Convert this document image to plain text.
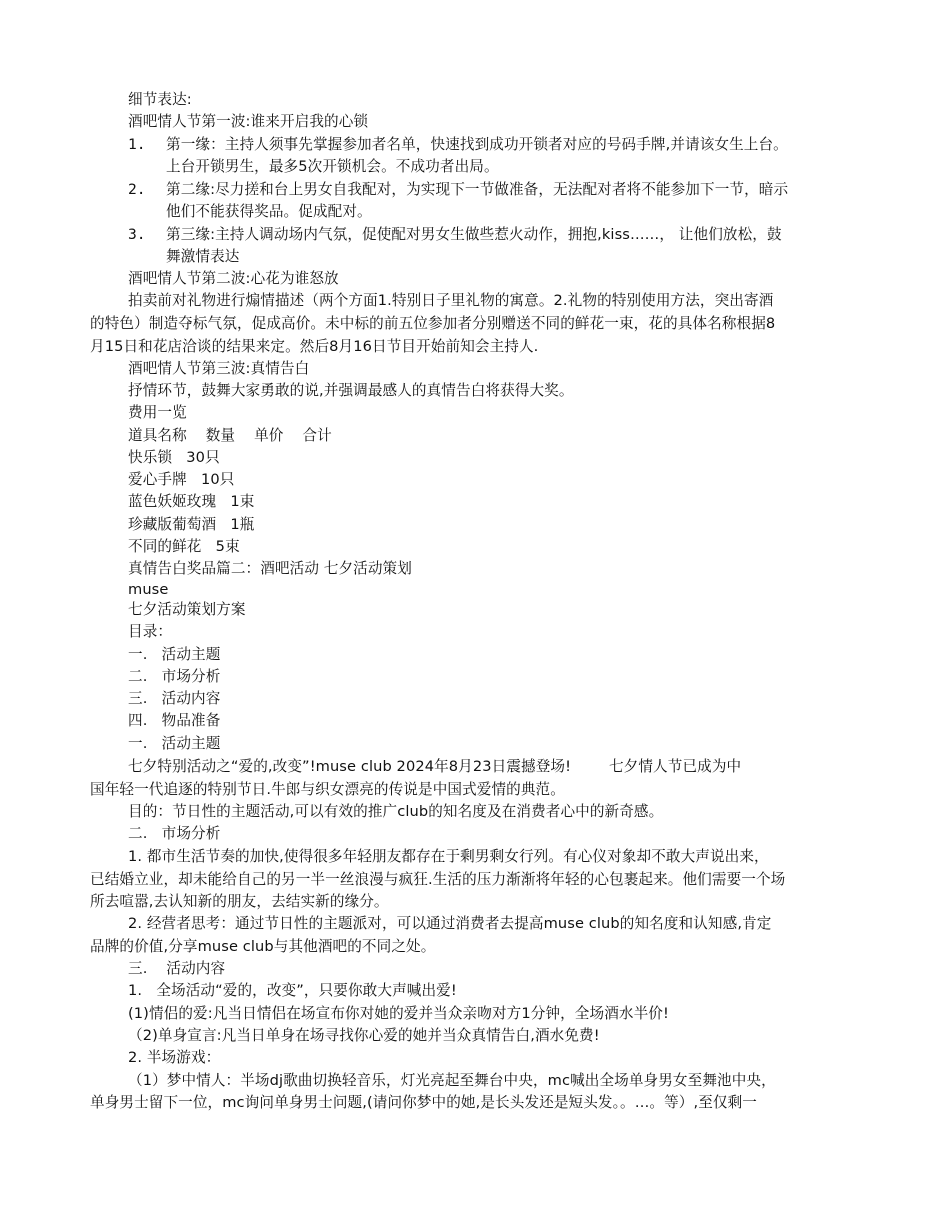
细节表达:
酒吧情人节第一波:谁来开启我的心锁
1. 第一缘：主持人须事先掌握参加者名单，快速找到成功开锁者对应的号码手牌,并请该女生上台。
上台开锁男生，最多5次开锁机会。不成功者出局。
2. 第二缘:尽力搓和台上男女自我配对，为实现下一节做准备，无法配对者将不能参加下一节，暗示
他们不能获得奖品。促成配对。
3. 第三缘:主持人调动场内气氛，促使配对男女生做些惹火动作，拥抱,kiss……， 让他们放松，鼓
舞激情表达
酒吧情人节第二波:心花为谁怒放
拍卖前对礼物进行煽情描述（两个方面1.特别日子里礼物的寓意。2.礼物的特别使用方法，突出寄酒
的特色）制造夺标气氛，促成高价。未中标的前五位参加者分别赠送不同的鲜花一束，花的具体名称根据8
月15日和花店洽谈的结果来定。然后8月16日节目开始前知会主持人.
酒吧情人节第三波:真情告白
抒情环节，鼓舞大家勇敢的说,并强调最感人的真情告白将获得大奖。
费用一览
道具名称    数量    单价    合计
快乐锁   30只
爱心手牌   10只
蓝色妖姬玫瑰   1束
珍藏版葡萄酒   1瓶
不同的鲜花   5束
真情告白奖品篇二：酒吧活动 七夕活动策划
muse
七夕活动策划方案
目录：
一.   活动主题
二.   市场分析
三.   活动内容
四.   物品准备
一.   活动主题
七夕特别活动之“爱的,改变”!muse club 2024年8月23日震撼登场!        七夕情人节已成为中
国年轻一代追逐的特别节日.牛郎与织女漂亮的传说是中国式爱情的典范。
目的：节日性的主题活动,可以有效的推广club的知名度及在消费者心中的新奇感。
二.   市场分析
1. 都市生活节奏的加快,使得很多年轻朋友都存在于剩男剩女行列。有心仪对象却不敢大声说出来，
已结婚立业，却未能给自己的另一半一丝浪漫与疯狂.生活的压力渐渐将年轻的心包裹起来。他们需要一个场
所去喧嚣,去认知新的朋友，去结实新的缘分。
2. 经营者思考：通过节日性的主题派对，可以通过消费者去提高muse club的知名度和认知感,肯定
品牌的价值,分享muse club与其他酒吧的不同之处。
三.    活动内容
1.   全场活动“爱的，改变”，只要你敢大声喊出爱!
(1)情侣的爱:凡当日情侣在场宣布你对她的爱并当众亲吻对方1分钟，全场酒水半价!
（2)单身宣言:凡当日单身在场寻找你心爱的她并当众真情告白,酒水免费!
2. 半场游戏：
（1）梦中情人：半场dj歌曲切换轻音乐，灯光亮起至舞台中央，mc喊出全场单身男女至舞池中央，
单身男士留下一位，mc询问单身男士问题,(请问你梦中的她,是长头发还是短头发。。…。等）,至仅剩一
